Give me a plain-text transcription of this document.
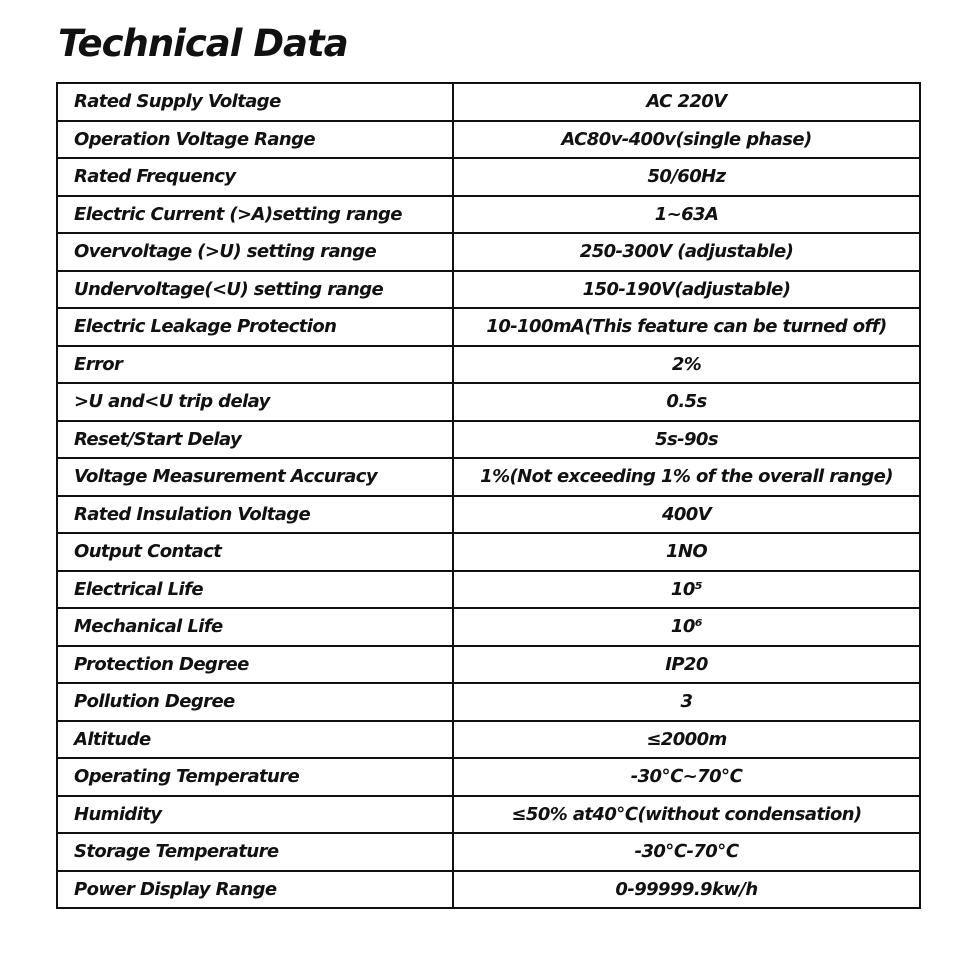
Technical Data
Rated Supply Voltage	AC 220V
Operation Voltage Range	AC80v-400v(single phase)
Rated Frequency	50/60Hz
Electric Current (>A)setting range	1~63A
Overvoltage (>U) setting range	250-300V (adjustable)
Undervoltage(<U) setting range	150-190V(adjustable)
Electric Leakage Protection	10-100mA(This feature can be turned off)
Error	2%
>U and<U trip delay	0.5s
Reset/Start Delay	5s-90s
Voltage Measurement Accuracy	1%(Not exceeding 1% of the overall range)
Rated Insulation Voltage	400V
Output Contact	1NO
Electrical Life	10⁵
Mechanical Life	10⁶
Protection Degree	IP20
Pollution Degree	3
Altitude	≤2000m
Operating Temperature	-30℃~70℃
Humidity	≤50% at40℃(without condensation)
Storage Temperature	-30℃-70℃
Power Display Range	0-99999.9kw/h
